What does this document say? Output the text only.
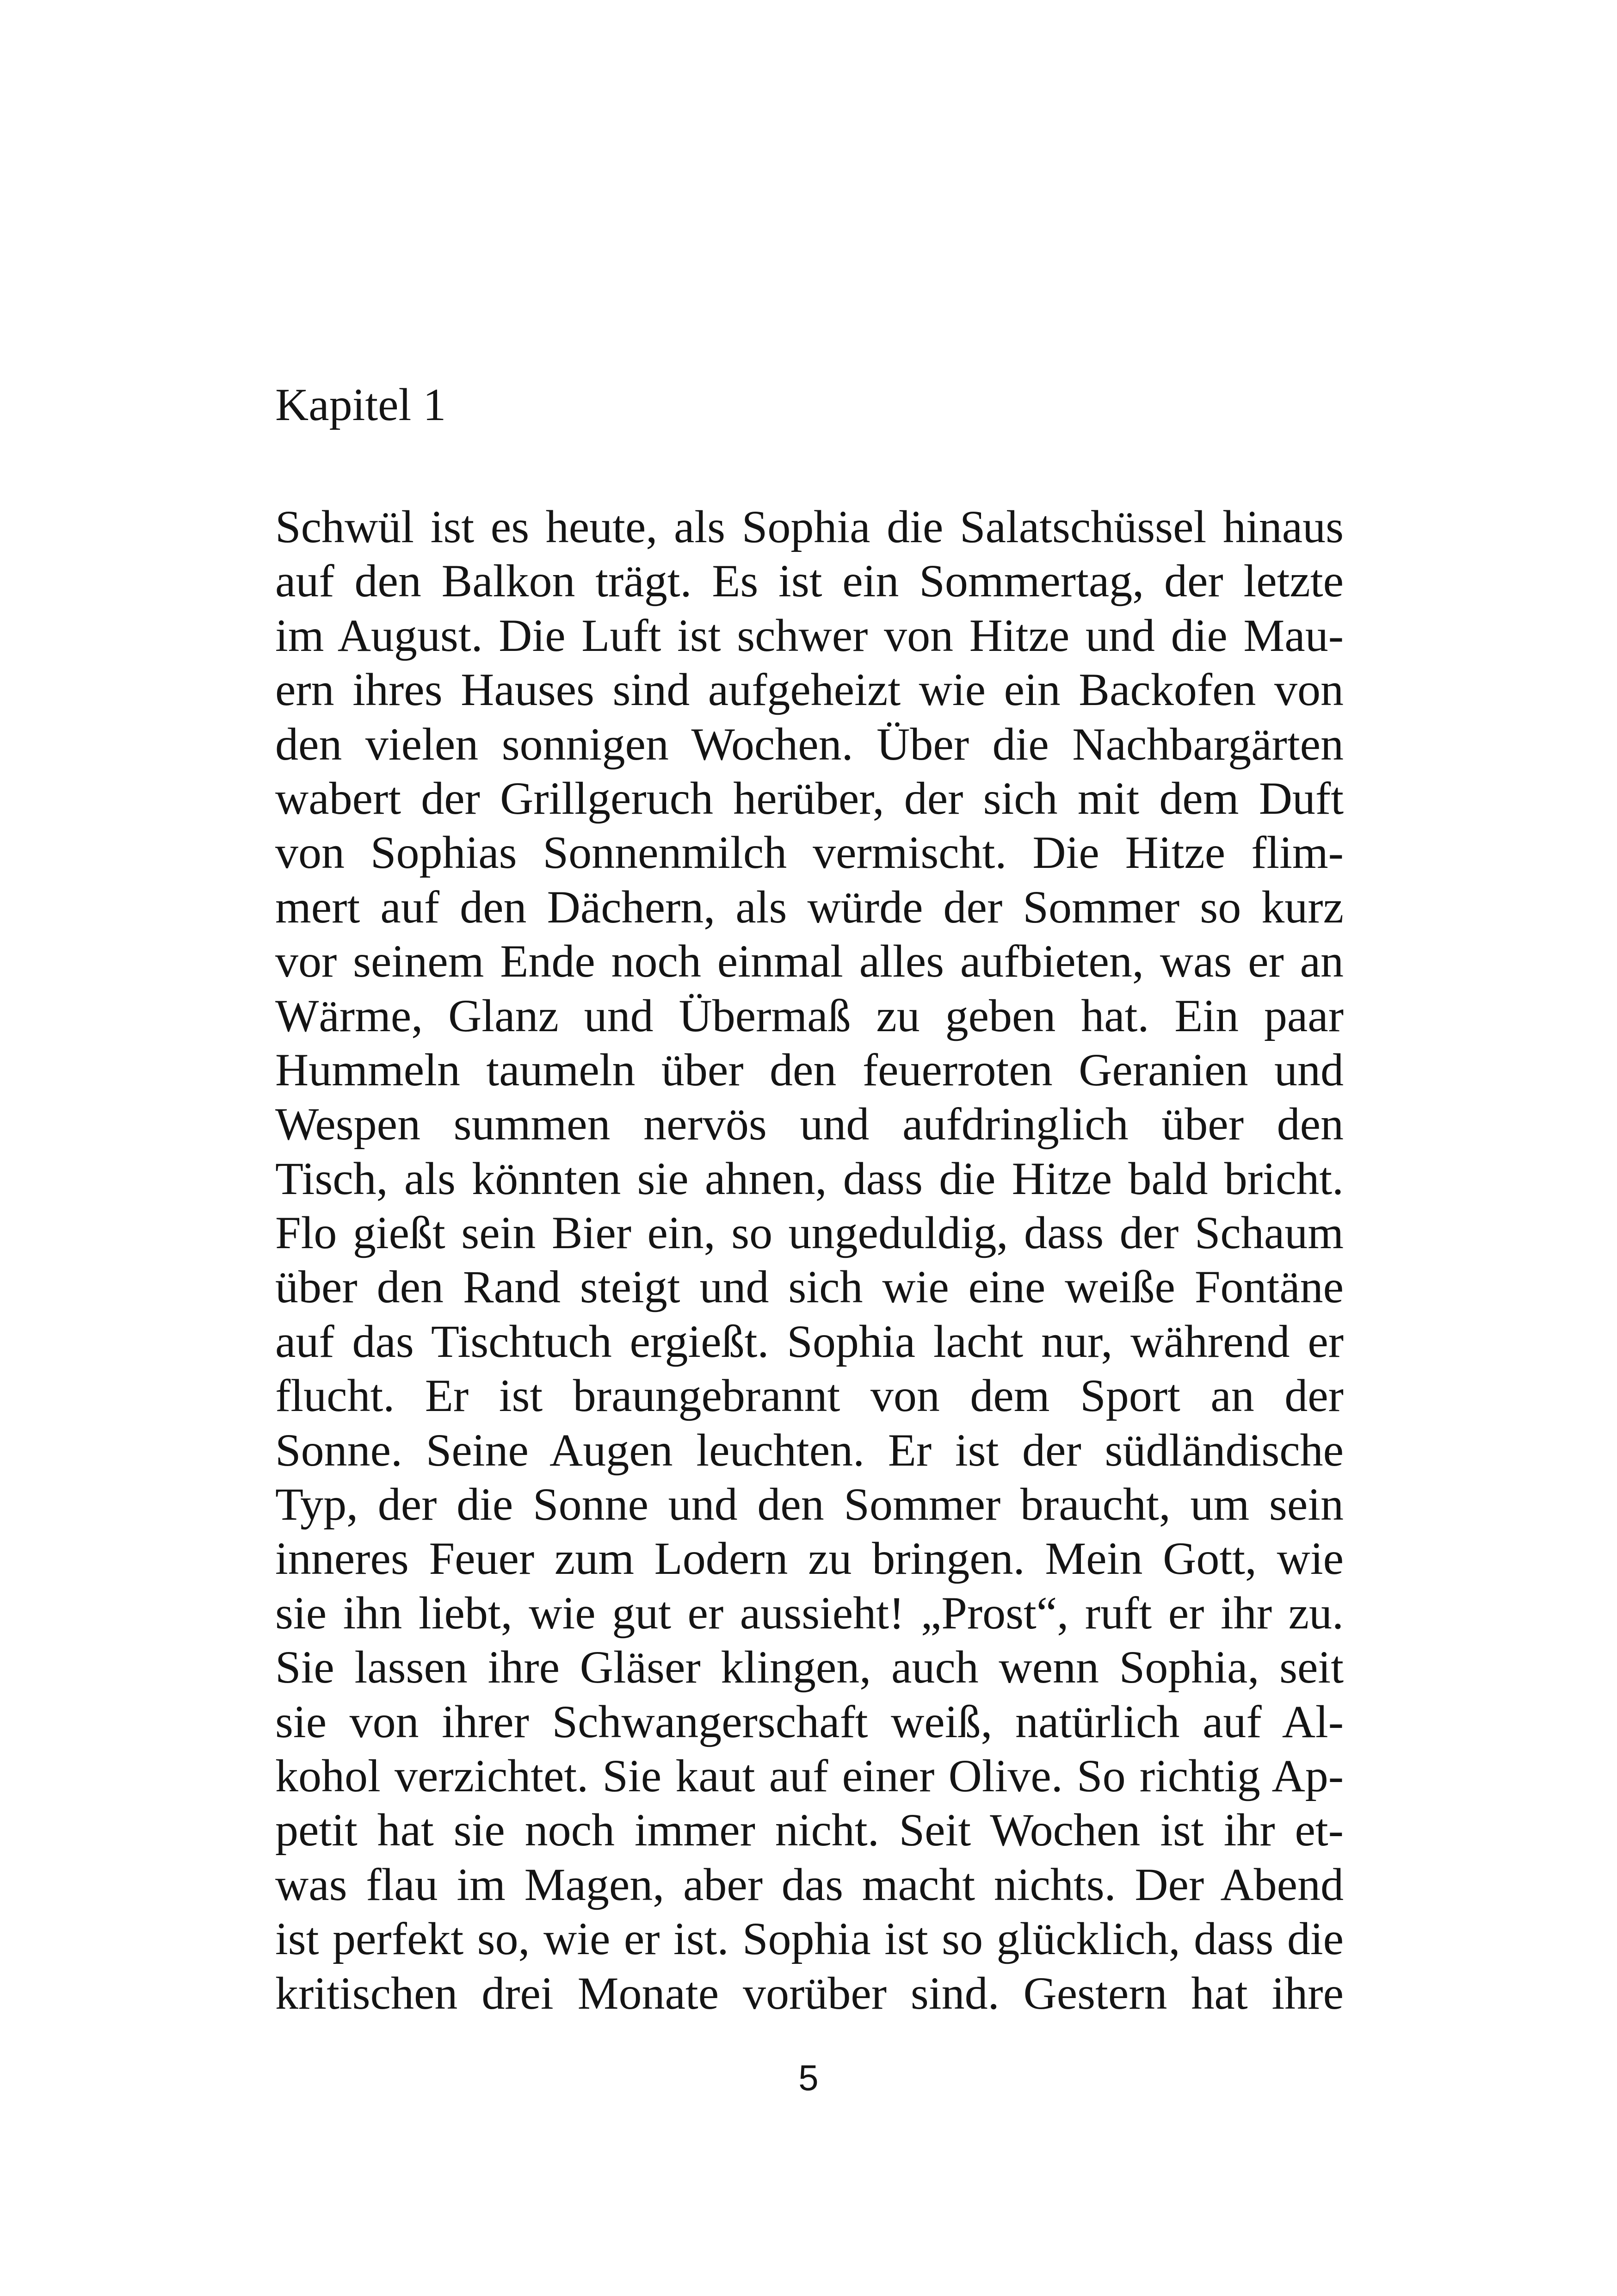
Kapitel 1
Schwül ist es heute, als Sophia die Salatschüssel hinaus
auf den Balkon trägt. Es ist ein Sommertag, der letzte
im August. Die Luft ist schwer von Hitze und die Mau-
ern ihres Hauses sind aufgeheizt wie ein Backofen von
den vielen sonnigen Wochen. Über die Nachbargärten
wabert der Grillgeruch herüber, der sich mit dem Duft
von Sophias Sonnenmilch vermischt. Die Hitze flim-
mert auf den Dächern, als würde der Sommer so kurz
vor seinem Ende noch einmal alles aufbieten, was er an
Wärme, Glanz und Übermaß zu geben hat. Ein paar
Hummeln taumeln über den feuerroten Geranien und
Wespen summen nervös und aufdringlich über den
Tisch, als könnten sie ahnen, dass die Hitze bald bricht.
Flo gießt sein Bier ein, so ungeduldig, dass der Schaum
über den Rand steigt und sich wie eine weiße Fontäne
auf das Tischtuch ergießt. Sophia lacht nur, während er
flucht. Er ist braungebrannt von dem Sport an der
Sonne. Seine Augen leuchten. Er ist der südländische
Typ, der die Sonne und den Sommer braucht, um sein
inneres Feuer zum Lodern zu bringen. Mein Gott, wie
sie ihn liebt, wie gut er aussieht! „Prost“, ruft er ihr zu.
Sie lassen ihre Gläser klingen, auch wenn Sophia, seit
sie von ihrer Schwangerschaft weiß, natürlich auf Al-
kohol verzichtet. Sie kaut auf einer Olive. So richtig Ap-
petit hat sie noch immer nicht. Seit Wochen ist ihr et-
was flau im Magen, aber das macht nichts. Der Abend
ist perfekt so, wie er ist. Sophia ist so glücklich, dass die
kritischen drei Monate vorüber sind. Gestern hat ihre
5
